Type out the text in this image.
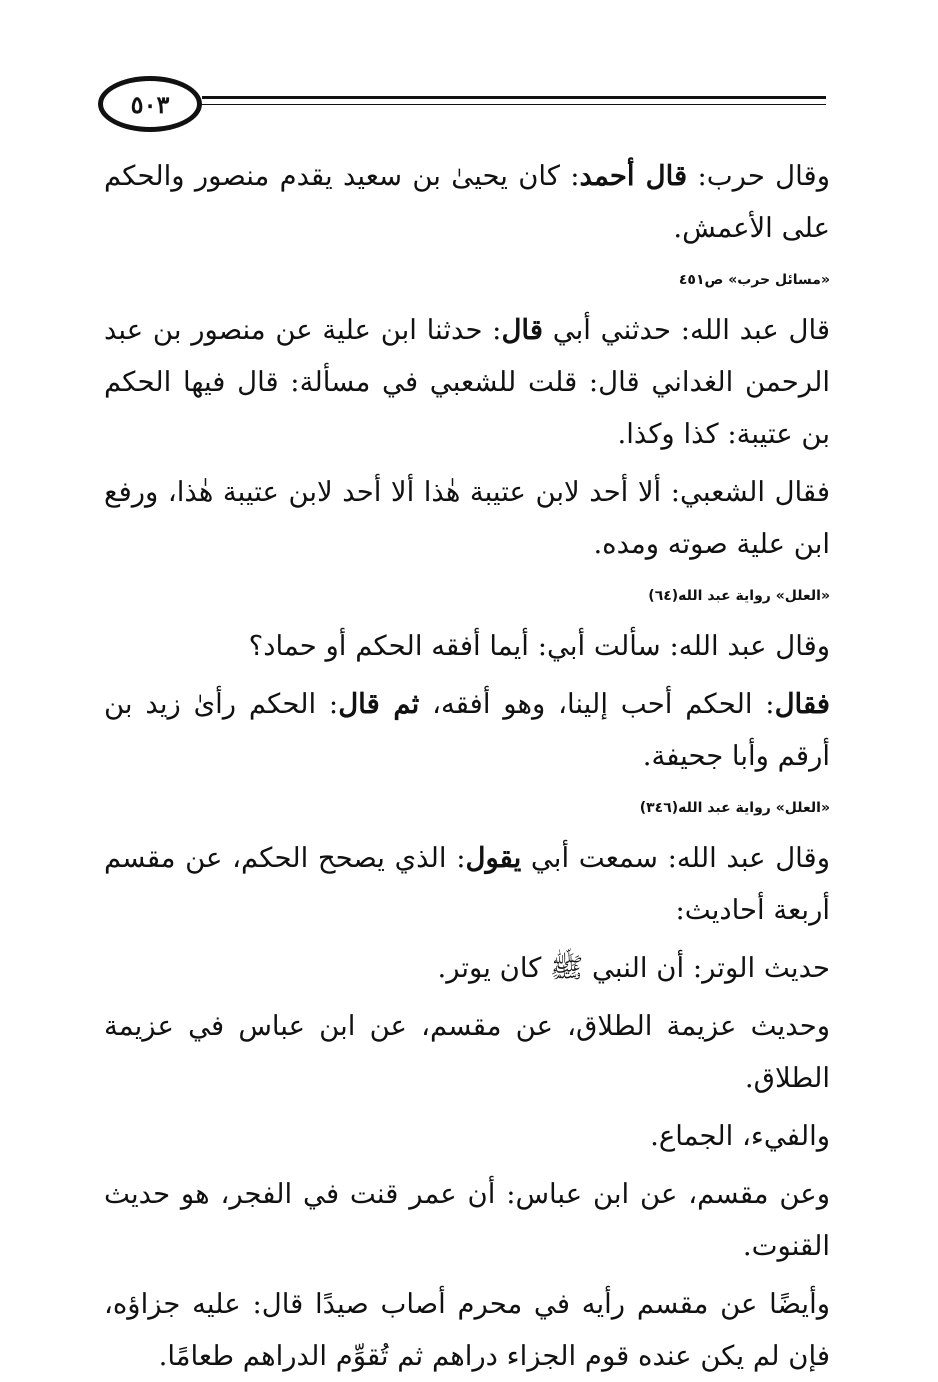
٥٠٣

وقال حرب: قال أحمد: كان يحيىٰ بن سعيد يقدم منصور والحكم على الأعمش.

«مسائل حرب» ص٤٥١

قال عبد الله: حدثني أبي قال: حدثنا ابن علية عن منصور بن عبد الرحمن الغداني قال: قلت للشعبي في مسألة: قال فيها الحكم بن عتيبة: كذا وكذا.

فقال الشعبي: ألا أحد لابن عتيبة هٰذا ألا أحد لابن عتيبة هٰذا، ورفع ابن علية صوته ومده.

«العلل» رواية عبد الله(٦٤)

وقال عبد الله: سألت أبي: أيما أفقه الحكم أو حماد؟

فقال: الحكم أحب إلينا، وهو أفقه، ثم قال: الحكم رأىٰ زيد بن أرقم وأبا جحيفة.

«العلل» رواية عبد الله(٣٤٦)

وقال عبد الله: سمعت أبي يقول: الذي يصحح الحكم، عن مقسم أربعة أحاديث:

حديث الوتر: أن النبي ﷺ كان يوتر.

وحديث عزيمة الطلاق، عن مقسم، عن ابن عباس في عزيمة الطلاق.

والفيء، الجماع.

وعن مقسم، عن ابن عباس: أن عمر قنت في الفجر، هو حديث القنوت.

وأيضًا عن مقسم رأيه في محرم أصاب صيدًا قال: عليه جزاؤه، فإن لم يكن عنده قوم الجزاء دراهم ثم تُقوِّم الدراهم طعامًا.
